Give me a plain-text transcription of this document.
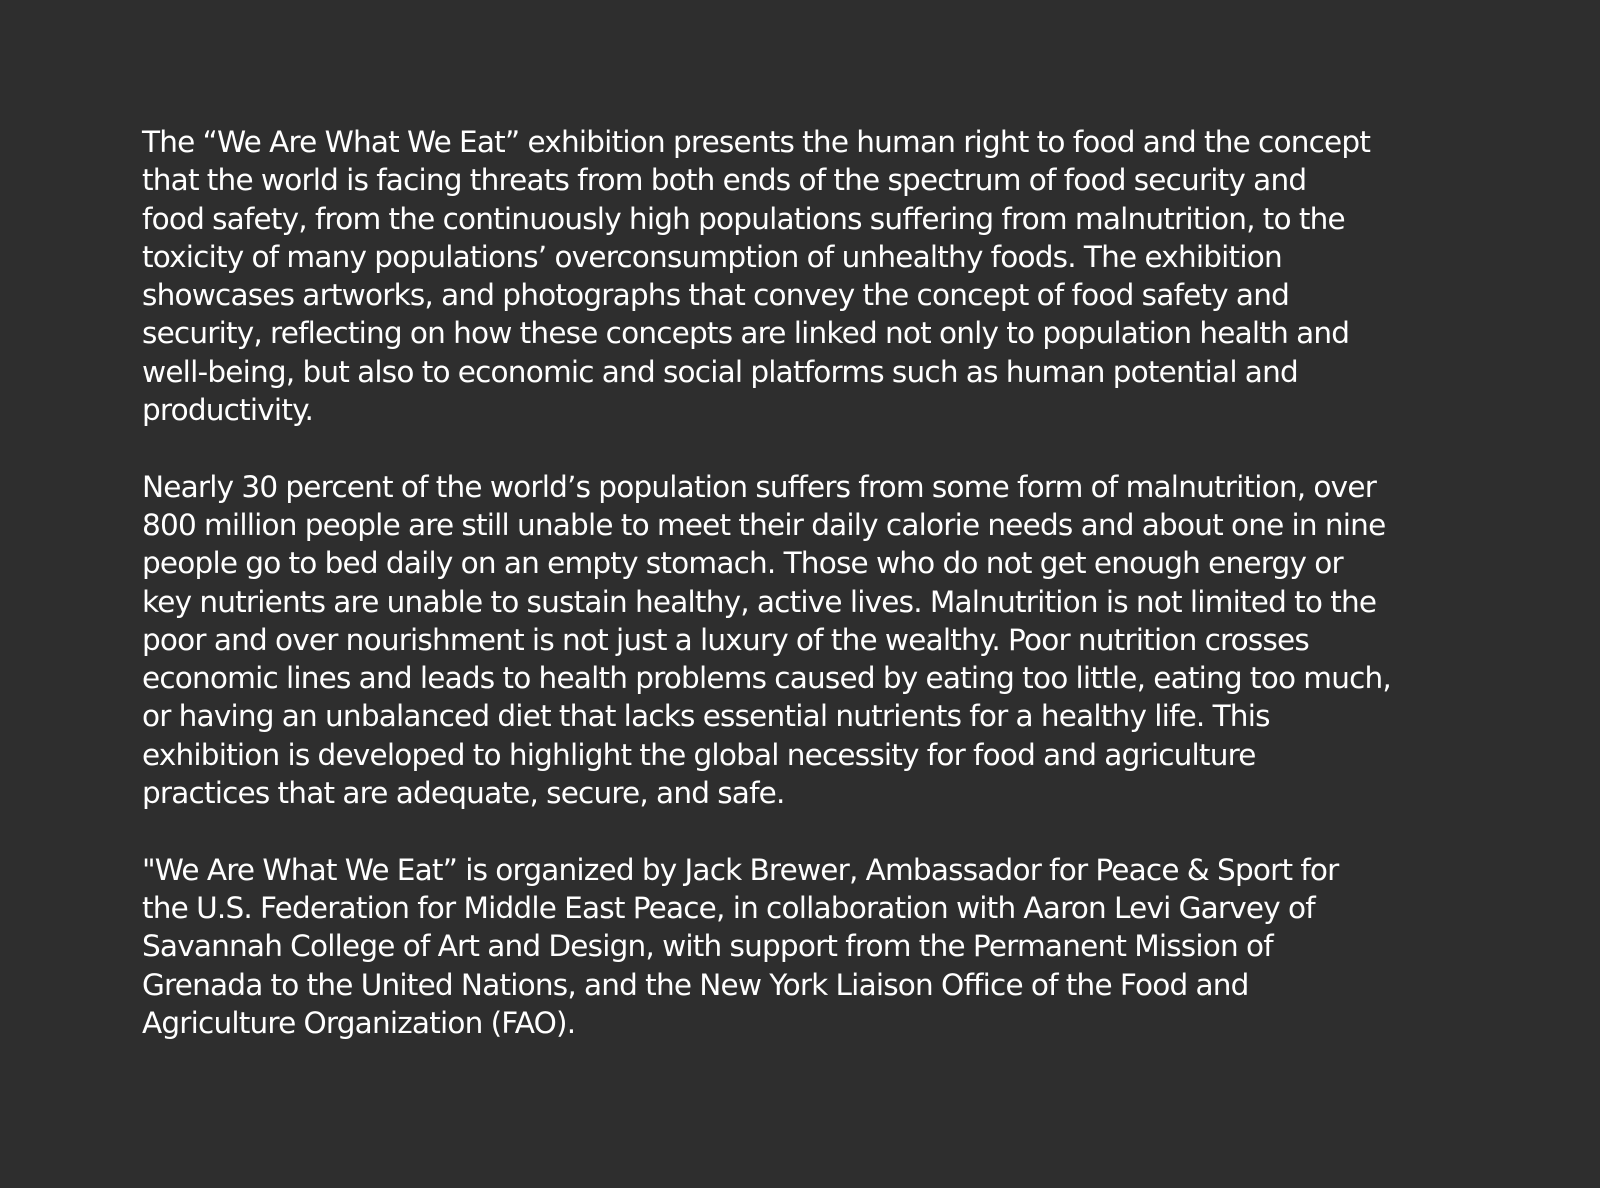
The “We Are What We Eat” exhibition presents the human right to food and the concept
that the world is facing threats from both ends of the spectrum of food security and
food safety, from the continuously high populations suffering from malnutrition, to the
toxicity of many populations’ overconsumption of unhealthy foods. The exhibition
showcases artworks, and photographs that convey the concept of food safety and
security, reflecting on how these concepts are linked not only to population health and
well-being, but also to economic and social platforms such as human potential and
productivity.

Nearly 30 percent of the world’s population suffers from some form of malnutrition, over
800 million people are still unable to meet their daily calorie needs and about one in nine
people go to bed daily on an empty stomach. Those who do not get enough energy or
key nutrients are unable to sustain healthy, active lives. Malnutrition is not limited to the
poor and over nourishment is not just a luxury of the wealthy. Poor nutrition crosses
economic lines and leads to health problems caused by eating too little, eating too much,
or having an unbalanced diet that lacks essential nutrients for a healthy life. This
exhibition is developed to highlight the global necessity for food and agriculture
practices that are adequate, secure, and safe.

"We Are What We Eat” is organized by Jack Brewer, Ambassador for Peace & Sport for
the U.S. Federation for Middle East Peace, in collaboration with Aaron Levi Garvey of
Savannah College of Art and Design, with support from the Permanent Mission of
Grenada to the United Nations, and the New York Liaison Office of the Food and
Agriculture Organization (FAO).
